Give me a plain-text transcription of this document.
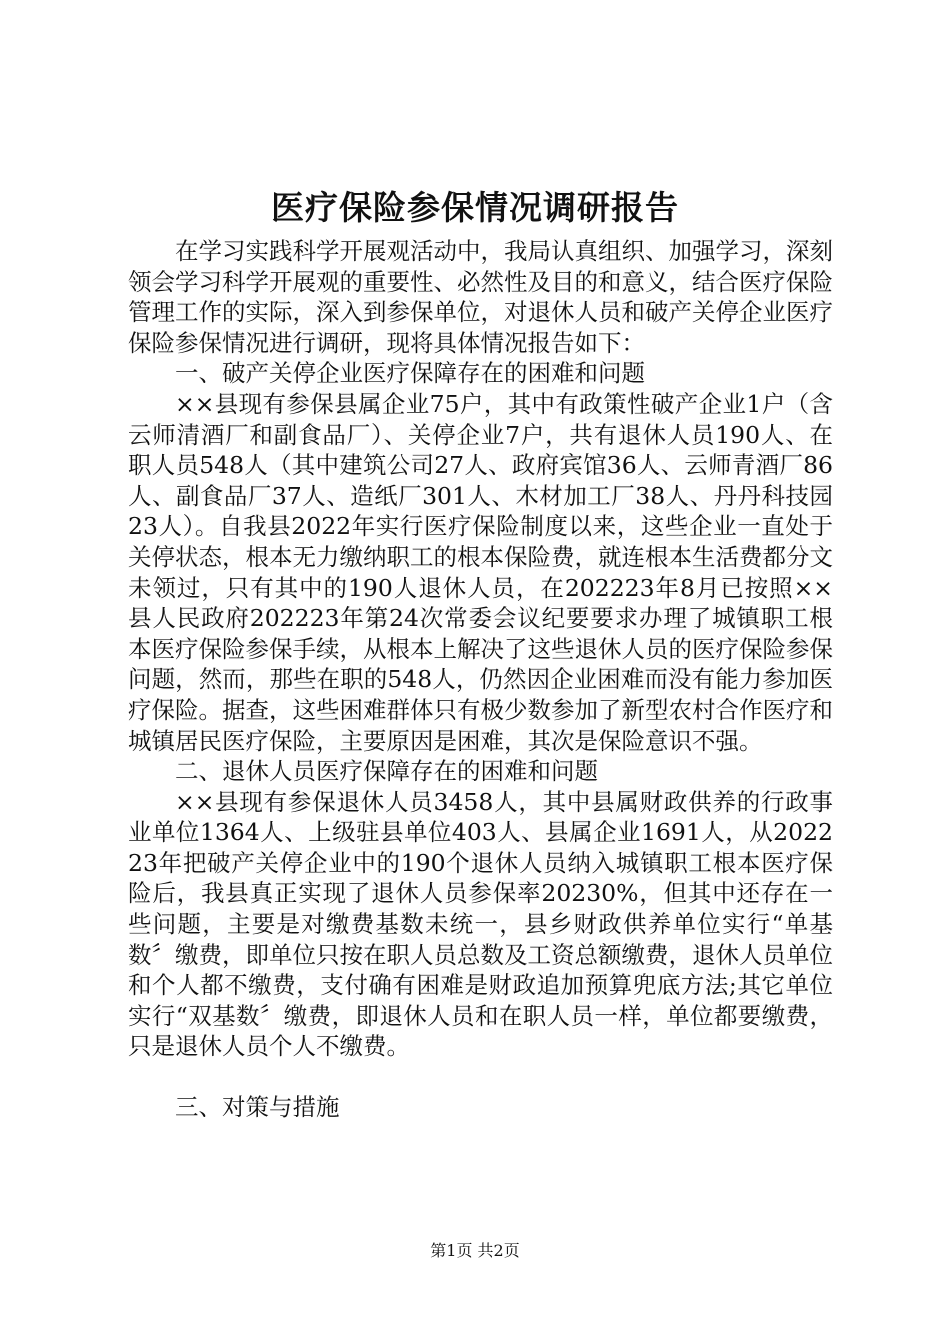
医疗保险参保情况调研报告

在学习实践科学开展观活动中，我局认真组织、加强学习，深刻领会学习科学开展观的重要性、必然性及目的和意义，结合医疗保险管理工作的实际，深入到参保单位，对退休人员和破产关停企业医疗保险参保情况进行调研，现将具体情况报告如下：

一、破产关停企业医疗保障存在的困难和问题

××县现有参保县属企业75户，其中有政策性破产企业1户（含云师清酒厂和副食品厂）、关停企业7户，共有退休人员190人、在职人员548人（其中建筑公司27人、政府宾馆36人、云师青酒厂86人、副食品厂37人、造纸厂301人、木材加工厂38人、丹丹科技园23人）。自我县2022年实行医疗保险制度以来，这些企业一直处于关停状态，根本无力缴纳职工的根本保险费，就连根本生活费都分文未领过，只有其中的190人退休人员，在202223年8月已按照××县人民政府202223年第24次常委会议纪要要求办理了城镇职工根本医疗保险参保手续，从根本上解决了这些退休人员的医疗保险参保问题，然而，那些在职的548人，仍然因企业困难而没有能力参加医疗保险。据查，这些困难群体只有极少数参加了新型农村合作医疗和城镇居民医疗保险，主要原因是困难，其次是保险意识不强。

二、退休人员医疗保障存在的困难和问题

××县现有参保退休人员3458人，其中县属财政供养的行政事业单位1364人、上级驻县单位403人、县属企业1691人，从202223年把破产关停企业中的190个退休人员纳入城镇职工根本医疗保险后，我县真正实现了退休人员参保率20230%，但其中还存在一些问题，主要是对缴费基数未统一，县乡财政供养单位实行“单基数〞缴费，即单位只按在职人员总数及工资总额缴费，退休人员单位和个人都不缴费，支付确有困难是财政追加预算兜底方法;其它单位实行“双基数〞缴费，即退休人员和在职人员一样，单位都要缴费，只是退休人员个人不缴费。

三、对策与措施

第1页 共2页
